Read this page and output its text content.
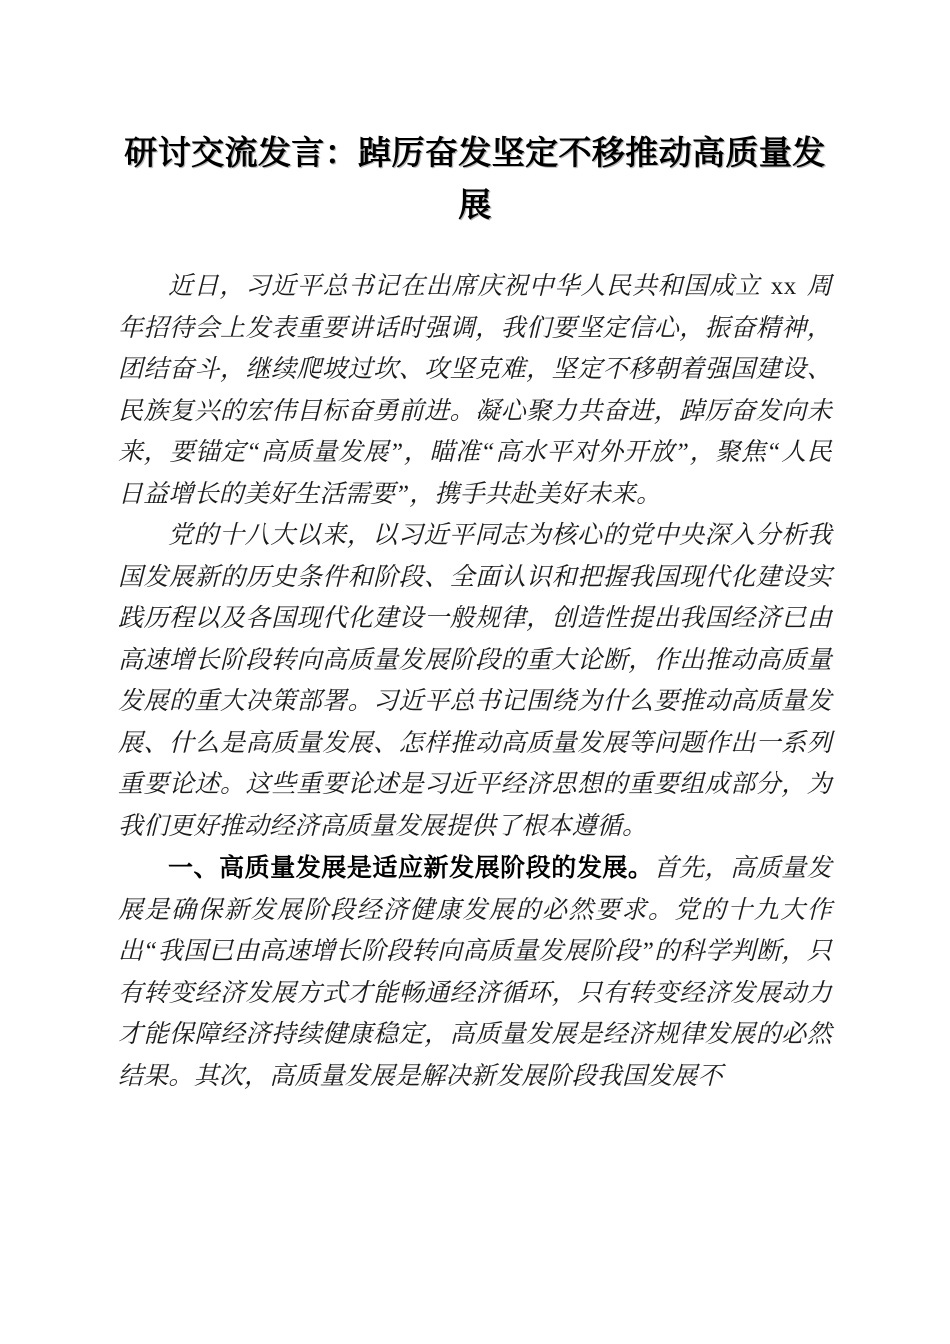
研讨交流发言：踔厉奋发坚定不移推动高质量发展

近日，习近平总书记在出席庆祝中华人民共和国成立 xx 周年招待会上发表重要讲话时强调，我们要坚定信心，振奋精神，团结奋斗，继续爬坡过坎、攻坚克难，坚定不移朝着强国建设、民族复兴的宏伟目标奋勇前进。凝心聚力共奋进，踔厉奋发向未来，要锚定“高质量发展”，瞄准“高水平对外开放”，聚焦“人民日益增长的美好生活需要”，携手共赴美好未来。

党的十八大以来，以习近平同志为核心的党中央深入分析我国发展新的历史条件和阶段、全面认识和把握我国现代化建设实践历程以及各国现代化建设一般规律，创造性提出我国经济已由高速增长阶段转向高质量发展阶段的重大论断，作出推动高质量发展的重大决策部署。习近平总书记围绕为什么要推动高质量发展、什么是高质量发展、怎样推动高质量发展等问题作出一系列重要论述。这些重要论述是习近平经济思想的重要组成部分，为我们更好推动经济高质量发展提供了根本遵循。

一、高质量发展是适应新发展阶段的发展。首先，高质量发展是确保新发展阶段经济健康发展的必然要求。党的十九大作出“我国已由高速增长阶段转向高质量发展阶段”的科学判断，只有转变经济发展方式才能畅通经济循环，只有转变经济发展动力才能保障经济持续健康稳定，高质量发展是经济规律发展的必然结果。其次，高质量发展是解决新发展阶段我国发展不
